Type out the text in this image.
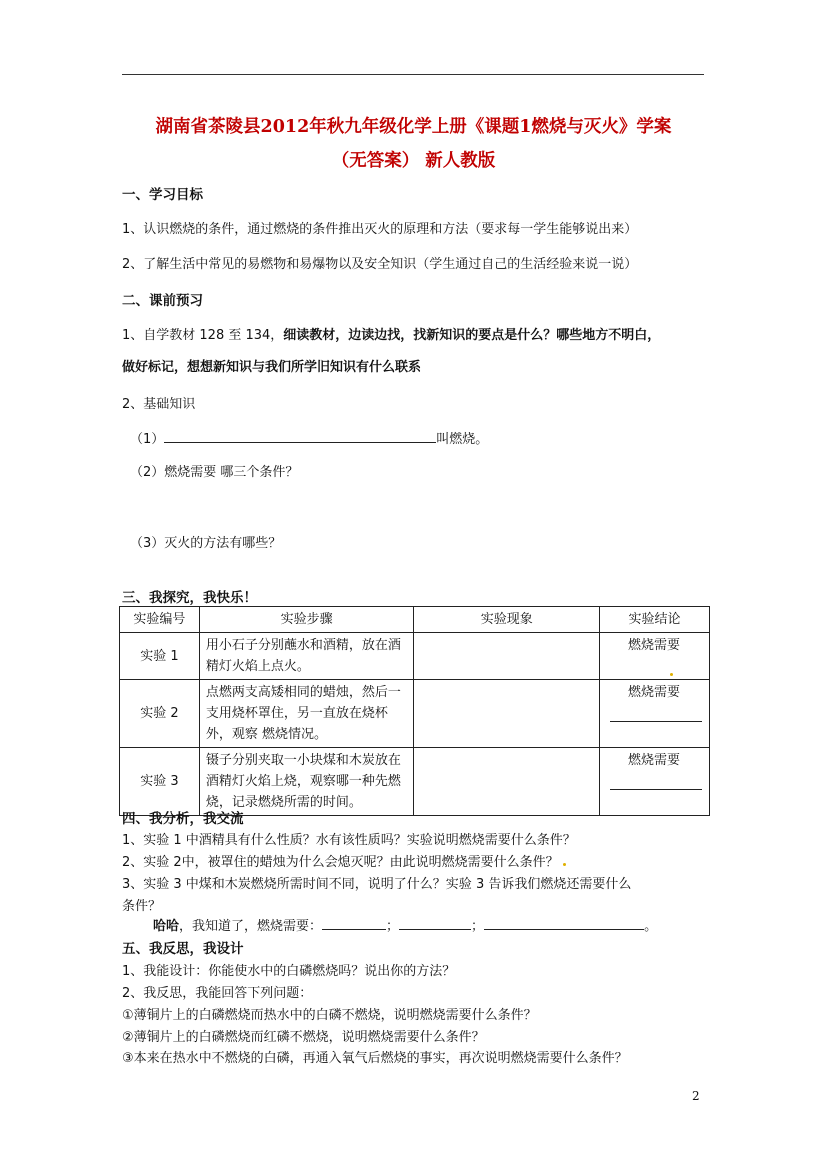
湖南省茶陵县2012年秋九年级化学上册《课题1燃烧与灭火》学案
（无答案） 新人教版
一、学习目标
1、认识燃烧的条件，通过燃烧的条件推出灭火的原理和方法（要求每一学生能够说出来）
2、了解生活中常见的易燃物和易爆物以及安全知识（学生通过自己的生活经验来说一说）
二、课前预习
1、自学教材 128 至 134，细读教材，边读边找，找新知识的要点是什么？哪些地方不明白，
做好标记，想想新知识与我们所学旧知识有什么联系
2、基础知识
（1）	叫燃烧。
（2）燃烧需要 哪三个条件？
（3）灭火的方法有哪些？
三、我探究，我快乐！
实验编号	实验步骤	实验现象	实验结论
实验 1	用小石子分别蘸水和酒精，放在酒精灯火焰上点火。		燃烧需要

实验 2	点燃两支高矮相同的蜡烛，然后一支用烧杯罩住，另一直放在烧杯外，观察 燃烧情况。		燃烧需要

实验 3	镊子分别夹取一小块煤和木炭放在酒精灯火焰上烧，观察哪一种先燃烧，记录燃烧所需的时间。		燃烧需要
四、我分析，我交流
1、实验 1 中酒精具有什么性质？水有该性质吗？实验说明燃烧需要什么条件？
2、实验 2中，被罩住的蜡烛为什么会熄灭呢？由此说明燃烧需要什么条件？
3、实验 3 中煤和木炭燃烧所需时间不同，说明了什么？实验 3 告诉我们燃烧还需要什么
条件？
哈哈，我知道了，燃烧需要：	；	；	。
五、我反思，我设计
1、我能设计：你能使水中的白磷燃烧吗？说出你的方法？
2、我反思，我能回答下列问题：
①薄铜片上的白磷燃烧而热水中的白磷不燃烧，说明燃烧需要什么条件？
②薄铜片上的白磷燃烧而红磷不燃烧，说明燃烧需要什么条件？
③本来在热水中不燃烧的白磷，再通入氧气后燃烧的事实，再次说明燃烧需要什么条件？
2
